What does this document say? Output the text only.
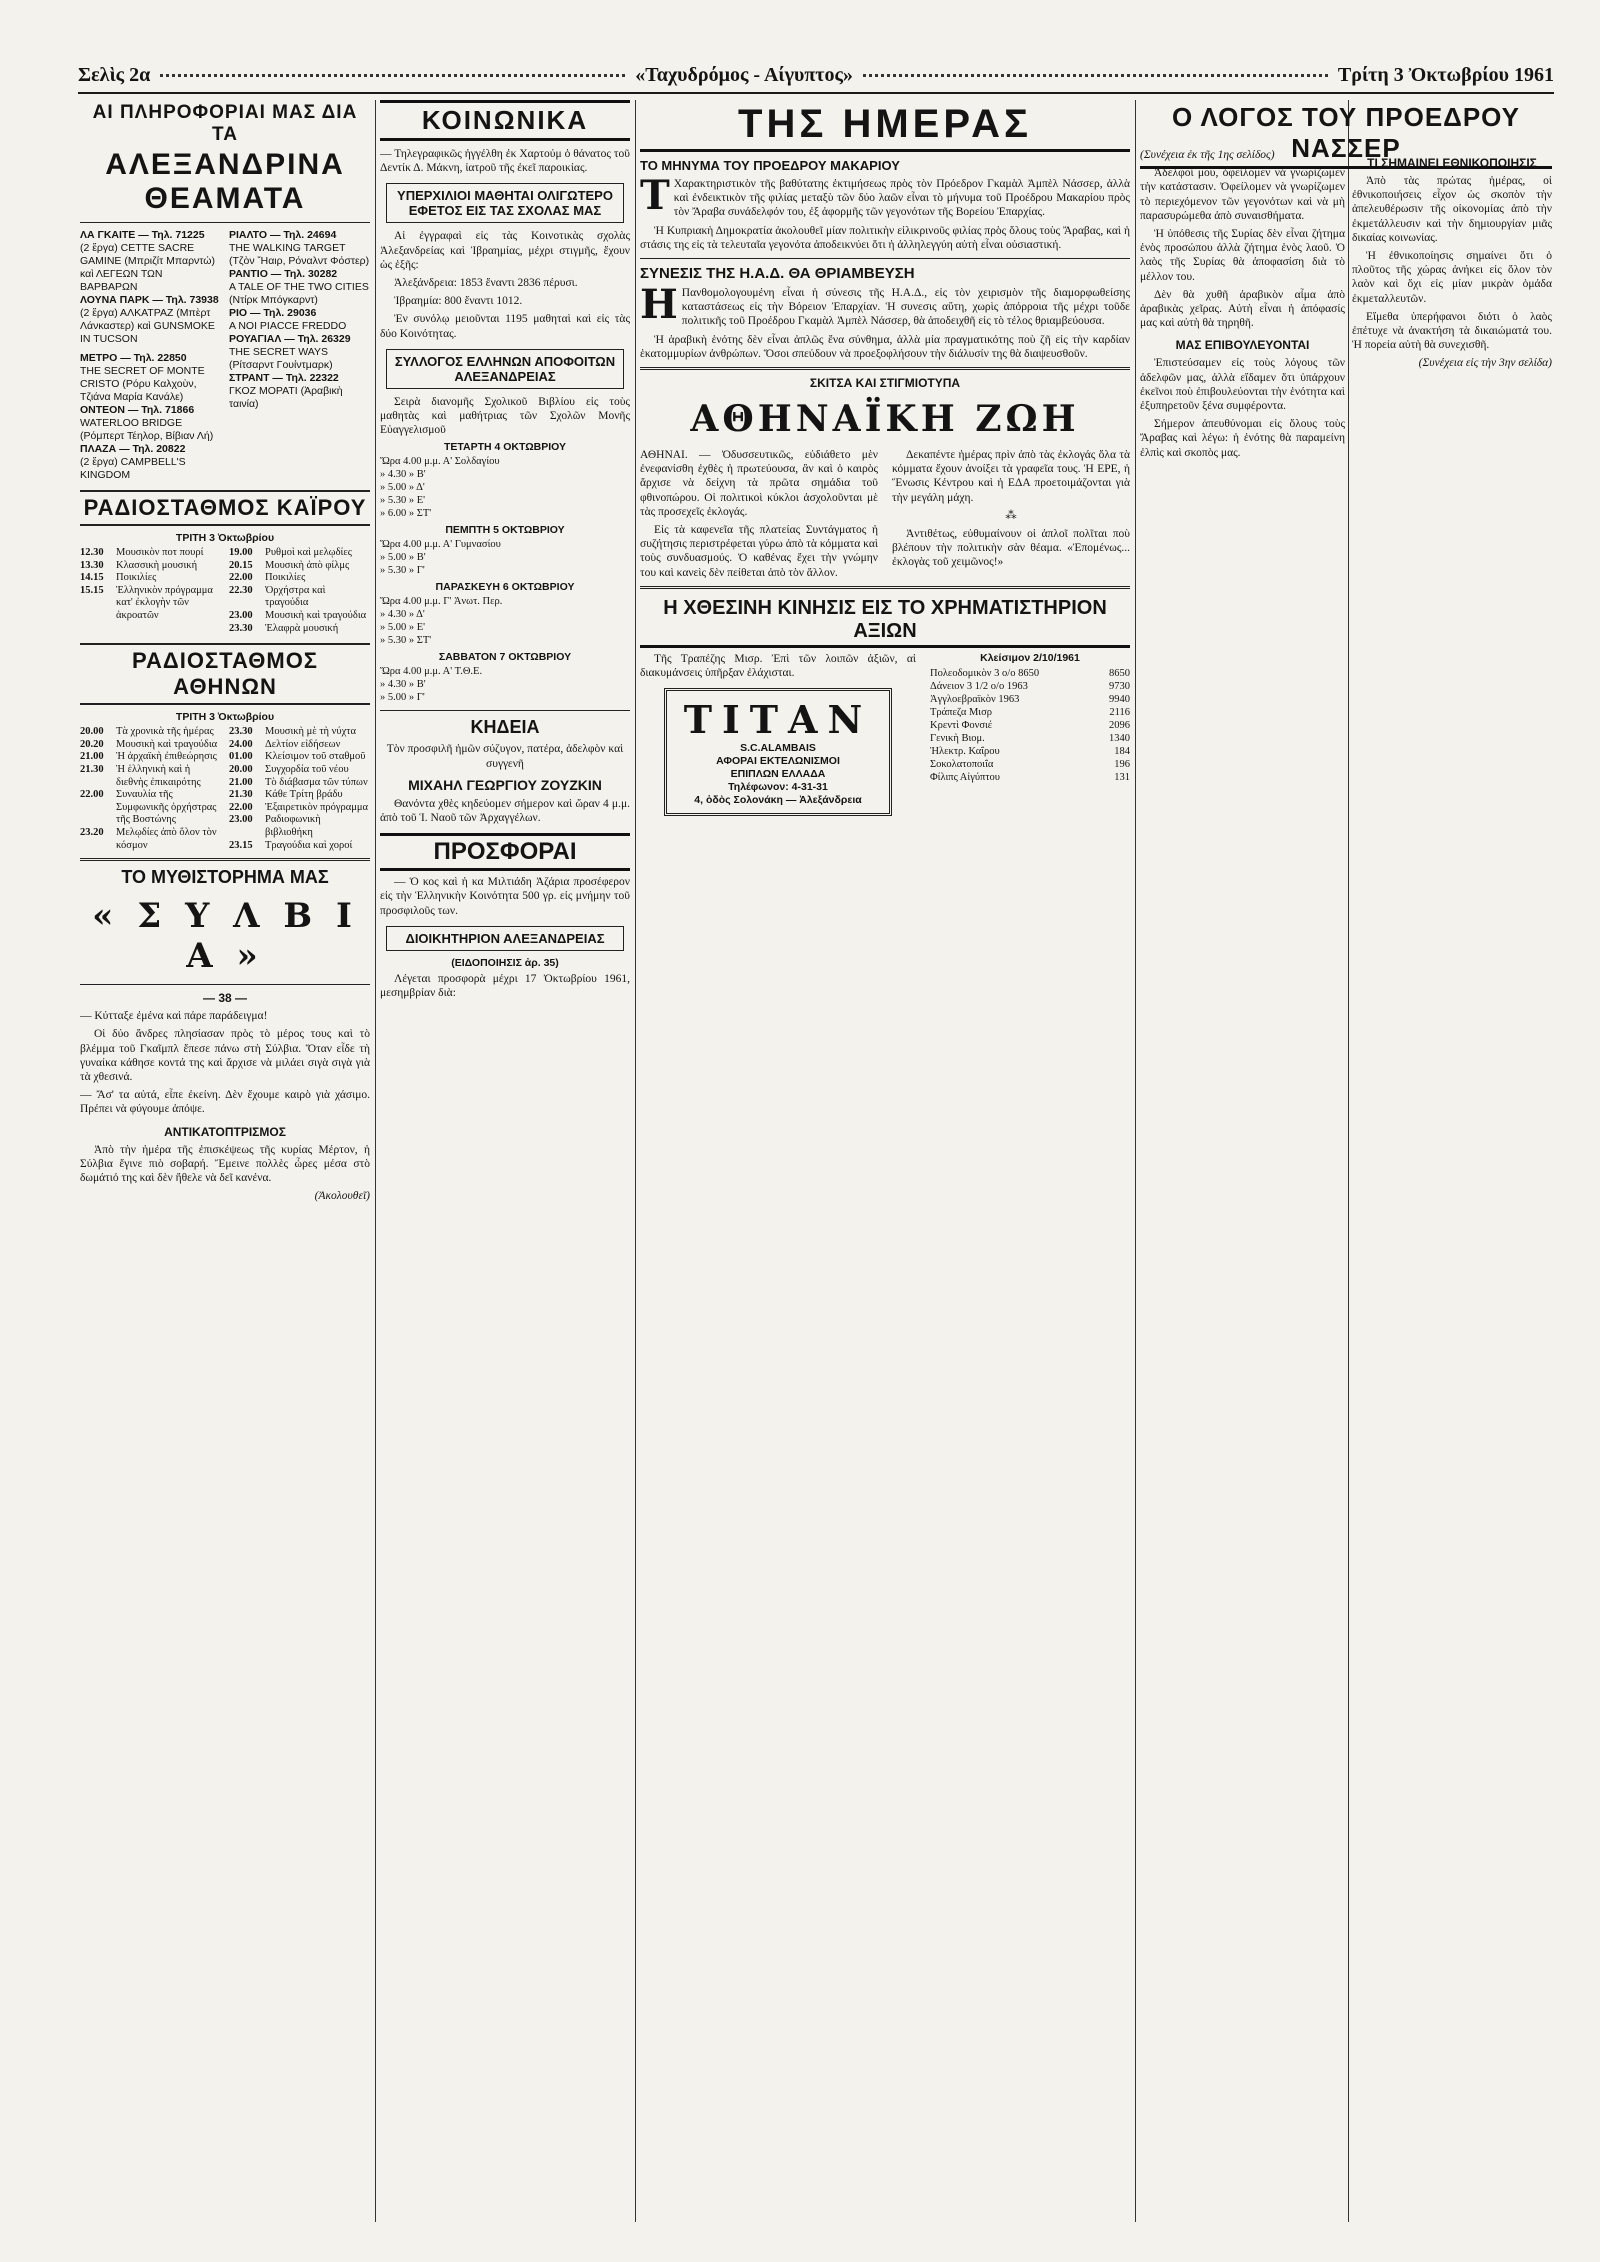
Σελὶς 2α	«Ταχυδρόμος - Αίγυπτος»	Τρίτη 3 Ὀκτωβρίου 1961
ΑΙ ΠΛΗΡΟΦΟΡΙΑΙ ΜΑΣ ΔΙΑ ΤΑ
ΑΛΕΞΑΝΔΡΙΝΑ ΘΕΑΜΑΤΑ
ΛΑ ΓΚΑΙΤΕ — Τηλ. 71225
(2 ἔργα) CETTE SACRE GAMINE (Μπριζίτ Μπαρντώ) καὶ ΛΕΓΕΩΝ ΤΩΝ ΒΑΡΒΑΡΩΝ
ΛΟΥΝΑ ΠΑΡΚ — Τηλ. 73938
(2 ἔργα) ΑΛΚΑΤΡΑΖ (Μπὲρτ Λάνκαστερ) καὶ GUNSMOKE IN TUCSON
ΜΕΤΡΟ — Τηλ. 22850
THE SECRET OF MONTE CRISTO (Ρόρυ Καλχοὺν, Τζιάνα Μαρία Κανάλε)
ΟΝΤΕΟΝ — Τηλ. 71866
WATERLOO BRIDGE (Ρόμπερτ Τέηλορ, Βίβιαν Λή)
ΠΛΑΖΑ — Τηλ. 20822
(2 ἔργα) CAMPBELL'S KINGDOM
ΡΙΑΛΤΟ — Τηλ. 24694
THE WALKING TARGET (Τζὸν Ἤαιρ, Ρόναλντ Φόστερ)
ΡΑΝΤΙΟ — Τηλ. 30282
A TALE OF THE TWO CITIES (Ντίρκ Μπόγκαρντ)
ΡΙΟ — Τηλ. 29036
A NOI PIACCE FREDDO
ΡΟΥΑΓΙΑΛ — Τηλ. 26329
THE SECRET WAYS (Ρίτσαρντ Γουίντμαρκ)
ΣΤΡΑΝΤ — Τηλ. 22322
ΓΚΟΖ ΜΟΡΑΤΙ (Ἀραβικὴ ταινία)
ΡΑΔΙΟΣΤΑΘΜΟΣ ΚΑΪΡΟΥ
ΤΡΙΤΗ 3 Ὀκτωβρίου
12.30	Μουσικὸν ποτ πουρί
13.30	Κλασσικὴ μουσική
14.15	Ποικιλίες
15.15	Ἑλληνικὸν πρόγραμμα κατ' ἐκλογὴν τῶν ἀκροατῶν
19.00	Ρυθμοὶ καὶ μελῳδίες
20.15	Μουσικὴ ἀπὸ φίλμς
22.00	Ποικιλίες
22.30	Ὀρχήστρα καὶ τραγούδια
23.00	Μουσικὴ καὶ τραγούδια
23.30	Ἐλαφρὰ μουσική
ΡΑΔΙΟΣΤΑΘΜΟΣ ΑΘΗΝΩΝ
ΤΡΙΤΗ 3 Ὀκτωβρίου
20.00	Τὰ χρονικὰ τῆς ἡμέρας
20.20	Μουσικὴ καὶ τραγούδια
21.00	Ἡ ἀρχαϊκὴ ἐπιθεώρησις
21.30	Ἡ ἑλληνικὴ καὶ ἡ διεθνὴς ἐπικαιρότης
22.00	Συναυλία τῆς Συμφωνικῆς ὀρχήστρας τῆς Βοστώνης
23.20	Μελῳδίες ἀπὸ ὅλον τὸν κόσμον
23.30	Μουσικὴ μὲ τὴ νύχτα
24.00	Δελτίον εἰδήσεων
01.00	Κλείσιμον τοῦ σταθμοῦ
20.00	Συγχορδία τοῦ νέου
21.00	Τὸ διάβασμα τῶν τύπων
21.30	Κάθε Τρίτη βράδυ
22.00	Ἐξαιρετικὸν πρόγραμμα
23.00	Ραδιοφωνικὴ βιβλιοθήκη
23.15	Τραγούδια καὶ χοροί
ΤΟ ΜΥΘΙΣΤΟΡΗΜΑ ΜΑΣ
« Σ Υ Λ Β Ι Α »
— 38 —

— Κύτταξε ἐμένα καὶ πάρε παράδειγμα!

Οἱ δύο ἄνδρες πλησίασαν πρὸς τὸ μέρος τους καὶ τὸ βλέμμα τοῦ Γκαῖμπλ ἔπεσε πάνω στὴ Σύλβια. Ὅταν εἶδε τὴ γυναίκα κάθησε κοντά της καὶ ἄρχισε νὰ μιλάει σιγὰ σιγὰ γιὰ τὰ χθεσινά.

— Ἄσ' τα αὐτά, εἶπε ἐκείνη. Δὲν ἔχουμε καιρὸ γιὰ χάσιμο. Πρέπει νὰ φύγουμε ἀπόψε.

ΑΝΤΙΚΑΤΟΠΤΡΙΣΜΟΣ

Ἀπὸ τὴν ἡμέρα τῆς ἐπισκέψεως τῆς κυρίας Μέρτον, ἡ Σύλβια ἔγινε πιὸ σοβαρή. Ἔμεινε πολλὲς ὧρες μέσα στὸ δωμάτιό της καὶ δὲν ἤθελε νὰ δεῖ κανένα.

(Ἀκολουθεῖ)

ΚΟΙΝΩΝΙΚΑ

— Τηλεγραφικῶς ἠγγέλθη ἐκ Χαρτούμ ὁ θάνατος τοῦ Δεντίκ Δ. Μάκνη, ἰατροῦ τῆς ἐκεῖ παροικίας.

ΥΠΕΡΧΙΛΙΟΙ ΜΑΘΗΤΑΙ ΟΛΙΓΩΤΕΡΟ ΕΦΕΤΟΣ ΕΙΣ ΤΑΣ ΣΧΟΛΑΣ ΜΑΣ

Αἱ ἐγγραφαὶ εἰς τὰς Κοινοτικὰς σχολὰς Ἀλεξανδρείας καὶ Ἰβραημίας, μέχρι στιγμῆς, ἔχουν ὡς ἑξῆς:

Ἀλεξάνδρεια: 1853 ἔναντι 2836 πέρυσι.

Ἰβραημία: 800 ἔναντι 1012.

Ἐν συνόλῳ μειοῦνται 1195 μαθηταὶ καὶ εἰς τὰς δύο Κοινότητας.

ΣΥΛΛΟΓΟΣ ΕΛΛΗΝΩΝ ΑΠΟΦΟΙΤΩΝ ΑΛΕΞΑΝΔΡΕΙΑΣ

Σειρὰ διανομῆς Σχολικοῦ Βιβλίου εἰς τοὺς μαθητὰς καὶ μαθήτριας τῶν Σχολῶν Μονῆς Εὐαγγελισμοῦ

ΤΕΤΑΡΤΗ 4 ΟΚΤΩΒΡΙΟΥ
Ὥρα 4.00 μ.μ. Α' Σολδαγίου
» 4.30 » Β'
» 5.00 » Δ'
» 5.30 » Ε'
» 6.00 » ΣΤ'
ΠΕΜΠΤΗ 5 ΟΚΤΩΒΡΙΟΥ
Ὥρα 4.00 μ.μ. Α' Γυμνασίου
» 5.00 » Β'
» 5.30 » Γ'
ΠΑΡΑΣΚΕΥΗ 6 ΟΚΤΩΒΡΙΟΥ
Ὥρα 4.00 μ.μ. Γ' Ἀνωτ. Περ.
» 4.30 » Δ'
» 5.00 » Ε'
» 5.30 » ΣΤ'
ΣΑΒΒΑΤΟΝ 7 ΟΚΤΩΒΡΙΟΥ
Ὥρα 4.00 μ.μ. Α' Τ.Θ.Ε.
» 4.30 » Β'
» 5.00 » Γ'
ΚΗΔΕΙΑ

Τὸν προσφιλῆ ἡμῶν σύζυγον, πατέρα, ἀδελφὸν καὶ συγγενῆ

ΜΙΧΑΗΛ ΓΕΩΡΓΙΟΥ ΖΟΥΖΚΙΝ

Θανόντα χθὲς κηδεύομεν σήμερον καὶ ὥραν 4 μ.μ. ἀπὸ τοῦ Ἱ. Ναοῦ τῶν Ἀρχαγγέλων.

ΠΡΟΣΦΟΡΑΙ

— Ὁ κος καὶ ἡ κα Μιλτιάδη Ἀζάρια προσέφερον εἰς τὴν Ἑλληνικὴν Κοινότητα 500 γρ. εἰς μνήμην τοῦ προσφιλοῦς των.

ΔΙΟΙΚΗΤΗΡΙΟΝ ΑΛΕΞΑΝΔΡΕΙΑΣ
(ΕΙΔΟΠΟΙΗΣΙΣ ἀρ. 35)

Λέγεται προσφορὰ μέχρι 17 Ὀκτωβρίου 1961, μεσημβρίαν διὰ:

ΤΗΣ ΗΜΕΡΑΣ
ΤΟ ΜΗΝΥΜΑ ΤΟΥ ΠΡΟΕΔΡΟΥ ΜΑΚΑΡΙΟΥ

Τ Χαρακτηριστικὸν τῆς βαθύτατης ἐκτιμήσεως πρὸς τὸν Πρόεδρον Γκαμὰλ Ἀμπὲλ Νάσσερ, ἀλλὰ καὶ ἐνδεικτικὸν τῆς φιλίας μεταξὺ τῶν δύο λαῶν εἶναι τὸ μήνυμα τοῦ Προέδρου Μακαρίου πρὸς τὸν Ἄραβα συνάδελφόν του, ἐξ ἀφορμῆς τῶν γεγονότων τῆς Βορείου Ἐπαρχίας.

Ἡ Κυπριακὴ Δημοκρατία ἀκολουθεῖ μίαν πολιτικὴν εἰλικρινοῦς φιλίας πρὸς ὅλους τοὺς Ἄραβας, καὶ ἡ στάσις της εἰς τὰ τελευταῖα γεγονότα ἀποδεικνύει ὅτι ἡ ἀλληλεγγύη αὐτὴ εἶναι οὐσιαστική.

ΣΥΝΕΣΙΣ ΤΗΣ Η.Α.Δ. ΘΑ ΘΡΙΑΜΒΕΥΣΗ

Η Πανθομολογουμένη εἶναι ἡ σύνεσις τῆς Η.Α.Δ., εἰς τὸν χειρισμὸν τῆς διαμορφωθείσης καταστάσεως εἰς τὴν Βόρειον Ἐπαρχίαν. Ἡ συνεσις αὕτη, χωρὶς ἀπόρροια τῆς μέχρι τοῦδε πολιτικῆς τοῦ Προέδρου Γκαμὰλ Ἀμπὲλ Νάσσερ, θὰ ἀποδειχθῆ εἰς τὸ τέλος θριαμβεύουσα.

Ἡ ἀραβικὴ ἑνότης δὲν εἶναι ἁπλῶς ἕνα σύνθημα, ἀλλὰ μία πραγματικότης ποὺ ζῆ εἰς τὴν καρδίαν ἑκατομμυρίων ἀνθρώπων. Ὅσοι σπεύδουν νὰ προεξοφλήσουν τὴν διάλυσίν της θὰ διαψευσθοῦν.

ΣΚΙΤΣΑ ΚΑΙ ΣΤΙΓΜΙΟΤΥΠΑ
ΑΘΗΝΑΪΚΗ ΖΩΗ

ΑΘΗΝΑΙ. — Ὀδυσσευτικῶς, εὐδιάθετο μὲν ἐνεφανίσθη ἐχθὲς ἡ πρωτεύουσα, ἂν καὶ ὁ καιρὸς ἄρχισε νὰ δείχνη τὰ πρῶτα σημάδια τοῦ φθινοπώρου. Οἱ πολιτικοὶ κύκλοι ἀσχολοῦνται μὲ τὰς προσεχεῖς ἐκλογάς.

Εἰς τὰ καφενεῖα τῆς πλατείας Συντάγματος ἡ συζήτησις περιστρέφεται γύρω ἀπὸ τὰ κόμματα καὶ τοὺς συνδυασμούς. Ὁ καθένας ἔχει τὴν γνώμην του καὶ κανεὶς δὲν πείθεται ἀπὸ τὸν ἄλλον.

Δεκαπέντε ἡμέρας πρὶν ἀπὸ τὰς ἐκλογάς ὅλα τὰ κόμματα ἔχουν ἀνοίξει τὰ γραφεῖα τους. Ἡ ΕΡΕ, ἡ Ἕνωσις Κέντρου καὶ ἡ ΕΔΑ προετοιμάζονται γιὰ τὴν μεγάλη μάχη.

⁂

Ἀντιθέτως, εὐθυμαίνουν οἱ ἀπλοῖ πολῖται ποὺ βλέπουν τὴν πολιτικὴν σὰν θέαμα. «Ἐπομένως... ἐκλογὰς τοῦ χειμῶνος!»

Η ΧΘΕΣΙΝΗ ΚΙΝΗΣΙΣ ΕΙΣ ΤΟ ΧΡΗΜΑΤΙΣΤΗΡΙΟΝ ΑΞΙΩΝ

Τῆς Τραπέζης Μισρ. Ἐπὶ τῶν λοιπῶν ἀξιῶν, αἱ διακυμάνσεις ὑπῆρξαν ἐλάχισται.

ΤΙΤΑΝ
S.C.ALAMBAIS
ΑΦΟΡΑΙ ΕΚΤΕΛΩΝΙΣΜΟΙ
ΕΠΙΠΛΩΝ ΕΛΛΑΔΑ
Τηλέφωνον: 4-31-31
4, ὁδὸς Σολονάκη — Ἀλεξάνδρεια
Κλείσιμον 2/10/1961
Πολεοδομικὸν 3 ο/ο 8650	8650
Δάνειον 3 1/2 ο/ο 1963	9730
Ἀγγλοεβραϊκὸν 1963	9940
Τράπεζα Μισρ	2116
Κρεντὶ Φονσιέ	2096
Γενικὴ Βιομ.	1340
Ἡλεκτρ. Καΐρου	184
Σοκολατοποιΐα	196
Φίλιπς Αἰγύπτου	131
Ο ΛΟΓΟΣ ΤΟΥ ΠΡΟΕΔΡΟΥ ΝΑΣΣΕΡ

(Συνέχεια ἐκ τῆς 1ης σελίδος)

Ἀδελφοί μου, ὀφείλομεν νὰ γνωρίζωμεν τὴν κατάστασιν. Ὀφείλομεν νὰ γνωρίζωμεν τὸ περιεχόμενον τῶν γεγονότων καὶ νὰ μὴ παρασυρώμεθα ἀπὸ συναισθήματα.

Ἡ ὑπόθεσις τῆς Συρίας δὲν εἶναι ζήτημα ἑνὸς προσώπου ἀλλὰ ζήτημα ἑνὸς λαοῦ. Ὁ λαὸς τῆς Συρίας θὰ ἀποφασίση διὰ τὸ μέλλον του.

Δὲν θὰ χυθῆ ἀραβικὸν αἷμα ἀπὸ ἀραβικὰς χεῖρας. Αὐτὴ εἶναι ἡ ἀπόφασίς μας καὶ αὐτὴ θὰ τηρηθῆ.

ΜΑΣ ΕΠΙΒΟΥΛΕΥΟΝΤΑΙ

Ἐπιστεύσαμεν εἰς τοὺς λόγους τῶν ἀδελφῶν μας, ἀλλὰ εἴδαμεν ὅτι ὑπάρχουν ἐκεῖνοι ποὺ ἐπιβουλεύονται τὴν ἑνότητα καὶ ἐξυπηρετοῦν ξένα συμφέροντα.

Σήμερον ἀπευθύνομαι εἰς ὅλους τοὺς Ἄραβας καὶ λέγω: ἡ ἑνότης θὰ παραμείνη ἐλπὶς καὶ σκοπὸς μας.

ΤΙ ΣΗΜΑΙΝΕΙ ΕΘΝΙΚΟΠΟΙΗΣΙΣ

Ἀπὸ τὰς πρώτας ἡμέρας, οἱ ἐθνικοποιήσεις εἶχον ὡς σκοπὸν τὴν ἀπελευθέρωσιν τῆς οἰκονομίας ἀπὸ τὴν ἐκμετάλλευσιν καὶ τὴν δημιουργίαν μιᾶς δικαίας κοινωνίας.

Ἡ ἐθνικοποίησις σημαίνει ὅτι ὁ πλοῦτος τῆς χώρας ἀνήκει εἰς ὅλον τὸν λαὸν καὶ ὄχι εἰς μίαν μικρὰν ὁμάδα ἐκμεταλλευτῶν.

Εἴμεθα ὑπερήφανοι διότι ὁ λαὸς ἐπέτυχε νὰ ἀνακτήση τὰ δικαιώματά του. Ἡ πορεία αὐτὴ θὰ συνεχισθῆ.

(Συνέχεια εἰς τὴν 3ην σελίδα)
